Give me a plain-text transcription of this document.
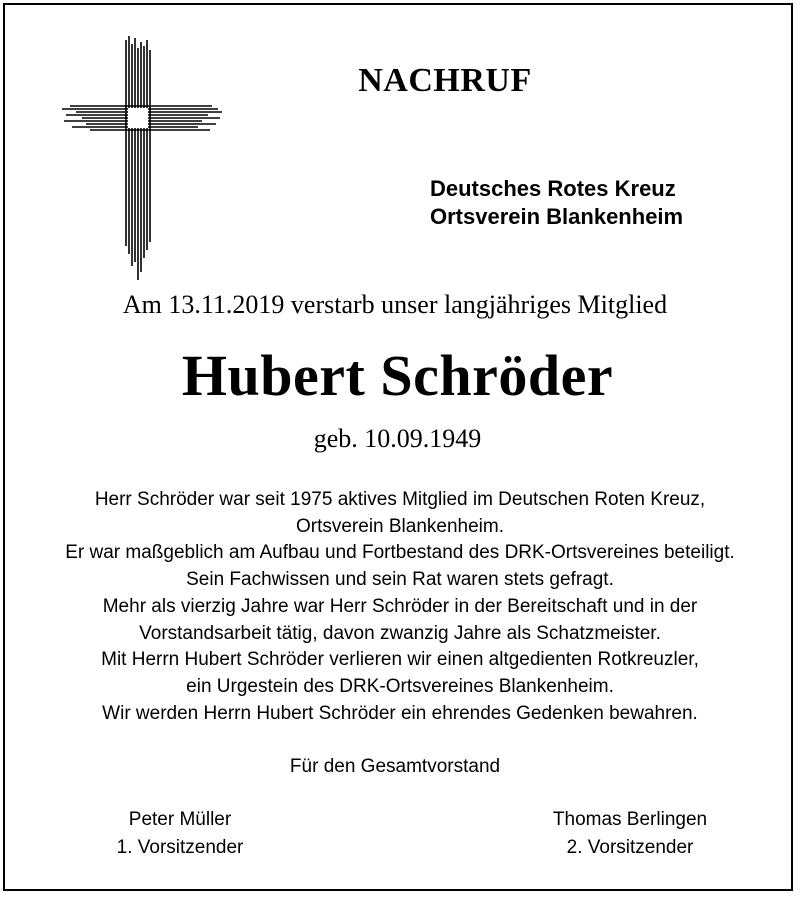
NACHRUF
Deutsches Rotes Kreuz
Ortsverein Blankenheim
Am 13.11.2019 verstarb unser langjähriges Mitglied
Hubert Schröder
geb. 10.09.1949
Herr Schröder war seit 1975 aktives Mitglied im Deutschen Roten Kreuz,
Ortsverein Blankenheim.
Er war maßgeblich am Aufbau und Fortbestand des DRK-Ortsvereines beteiligt.
Sein Fachwissen und sein Rat waren stets gefragt.
Mehr als vierzig Jahre war Herr Schröder in der Bereitschaft und in der
Vorstandsarbeit tätig, davon zwanzig Jahre als Schatzmeister.
Mit Herrn Hubert Schröder verlieren wir einen altgedienten Rotkreuzler,
ein Urgestein des DRK-Ortsvereines Blankenheim.
Wir werden Herrn Hubert Schröder ein ehrendes Gedenken bewahren.
Für den Gesamtvorstand
Peter Müller
1. Vorsitzender
Thomas Berlingen
2. Vorsitzender
